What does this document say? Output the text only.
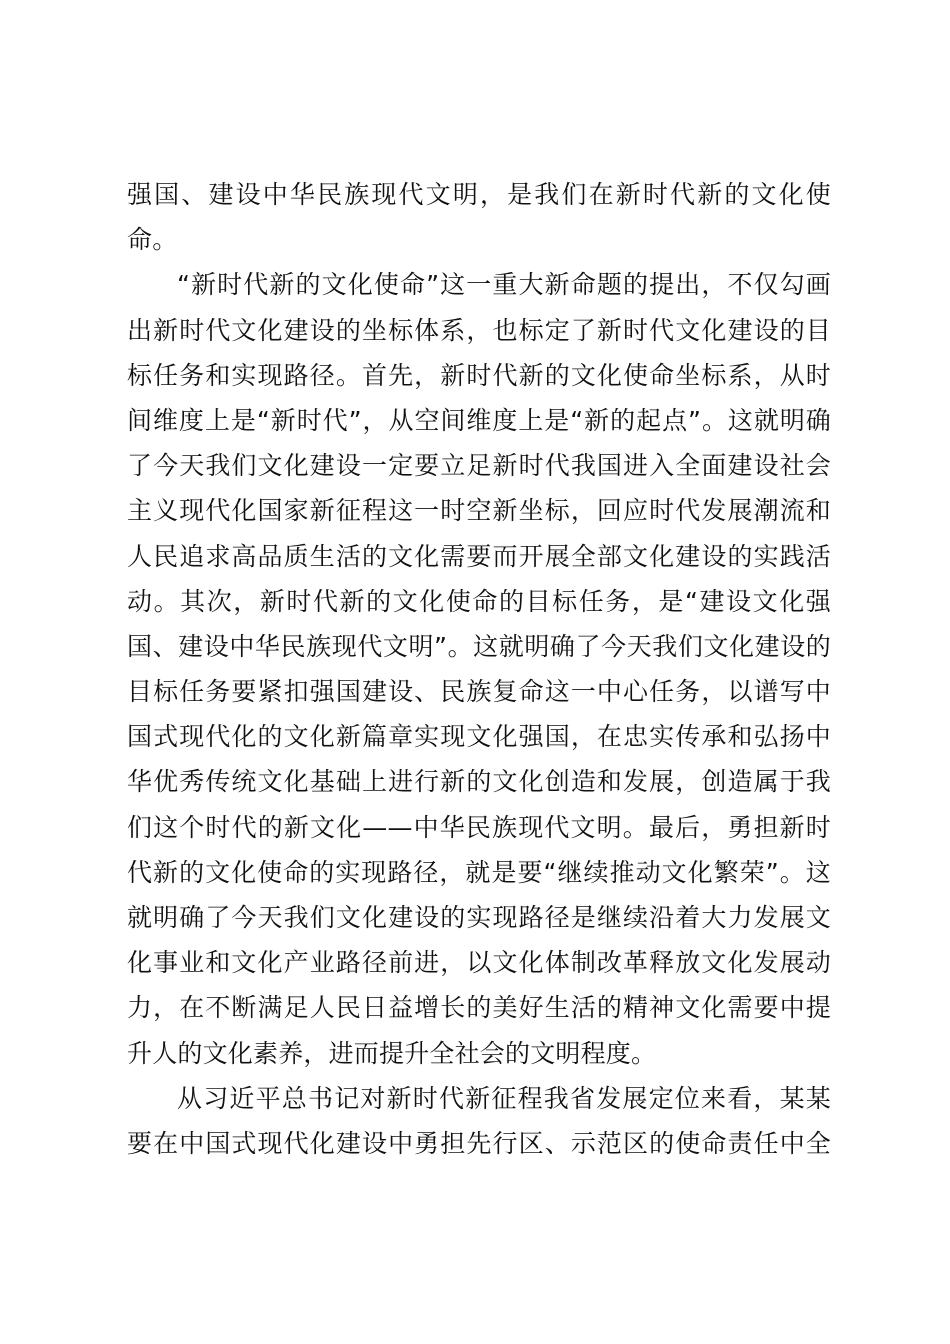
强国、建设中华民族现代文明，是我们在新时代新的文化使
命。
“新时代新的文化使命”这一重大新命题的提出，不仅勾画
出新时代文化建设的坐标体系，也标定了新时代文化建设的目
标任务和实现路径。首先，新时代新的文化使命坐标系，从时
间维度上是“新时代”，从空间维度上是“新的起点”。这就明确
了今天我们文化建设一定要立足新时代我国进入全面建设社会
主义现代化国家新征程这一时空新坐标，回应时代发展潮流和
人民追求高品质生活的文化需要而开展全部文化建设的实践活
动。其次，新时代新的文化使命的目标任务，是“建设文化强
国、建设中华民族现代文明”。这就明确了今天我们文化建设的
目标任务要紧扣强国建设、民族复命这一中心任务，以谱写中
国式现代化的文化新篇章实现文化强国，在忠实传承和弘扬中
华优秀传统文化基础上进行新的文化创造和发展，创造属于我
们这个时代的新文化——中华民族现代文明。最后，勇担新时
代新的文化使命的实现路径，就是要“继续推动文化繁荣”。这
就明确了今天我们文化建设的实现路径是继续沿着大力发展文
化事业和文化产业路径前进，以文化体制改革释放文化发展动
力，在不断满足人民日益增长的美好生活的精神文化需要中提
升人的文化素养，进而提升全社会的文明程度。
从习近平总书记对新时代新征程我省发展定位来看，某某
要在中国式现代化建设中勇担先行区、示范区的使命责任中全
